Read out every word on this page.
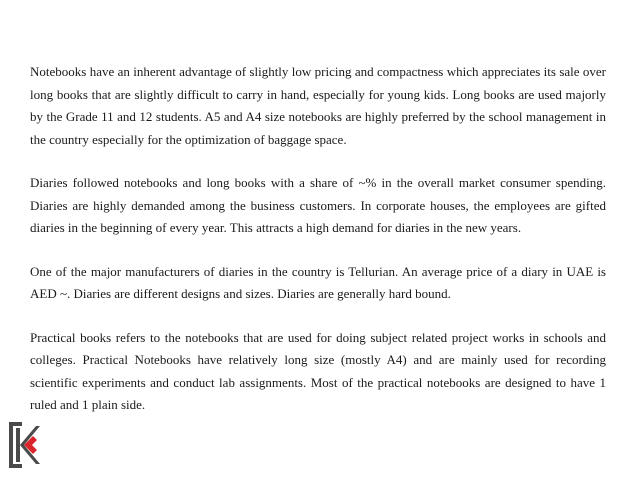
Notebooks have an inherent advantage of slightly low pricing and compactness which appreciates its sale over long books that are slightly difficult to carry in hand, especially for young kids. Long books are used majorly by the Grade 11 and 12 students. A5 and A4 size notebooks are highly preferred by the school management in the country especially for the optimization of baggage space.

Diaries followed notebooks and long books with a share of ~% in the overall market consumer spending. Diaries are highly demanded among the business customers. In corporate houses, the employees are gifted diaries in the beginning of every year. This attracts a high demand for diaries in the new years.

One of the major manufacturers of diaries in the country is Tellurian. An average price of a diary in UAE is AED ~. Diaries are different designs and sizes. Diaries are generally hard bound.

Practical books refers to the notebooks that are used for doing subject related project works in schools and colleges. Practical Notebooks have relatively long size (mostly A4) and are mainly used for recording scientific experiments and conduct lab assignments. Most of the practical notebooks are designed to have 1 ruled and 1 plain side.
